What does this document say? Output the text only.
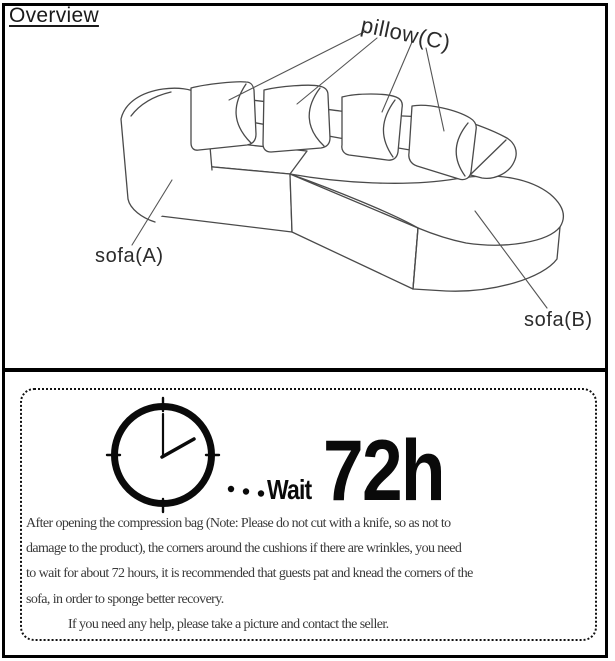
Overview	pillow(C)
sofa(A)
sofa(B)
Wait 72h
After opening the compression bag (Note: Please do not cut with a knife, so as not to
damage to the product), the corners around the cushions if there are wrinkles, you need
to wait for about 72 hours, it is recommended that guests pat and knead the corners of the
sofa, in order to sponge better recovery.
If you need any help, please take a picture and contact the seller.
